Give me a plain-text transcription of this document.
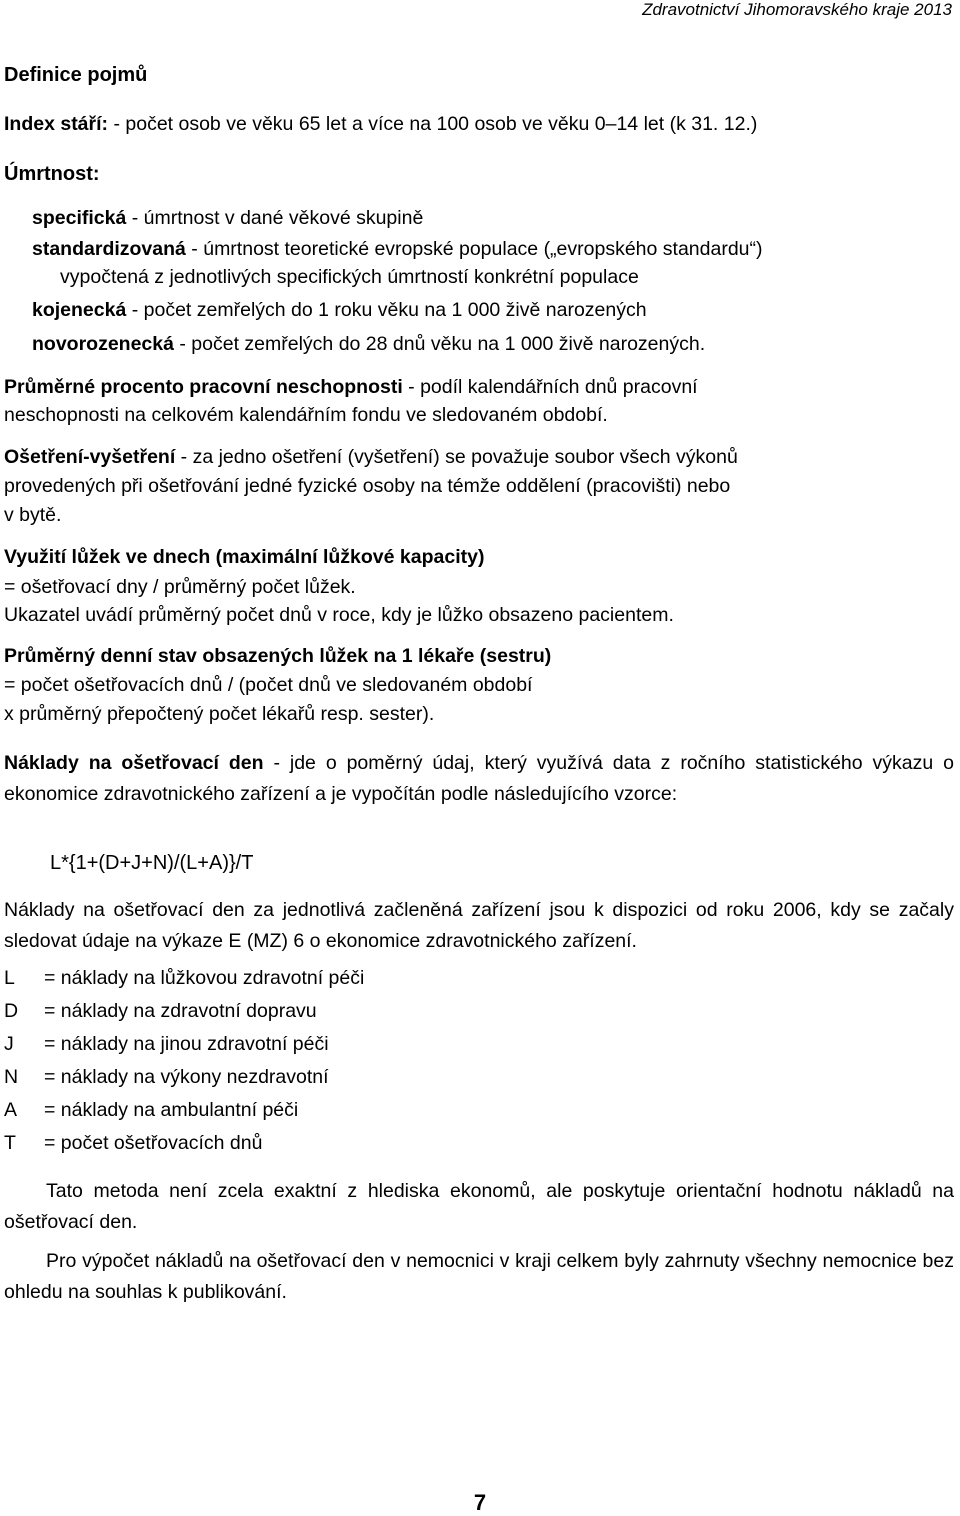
Zdravotnictví Jihomoravského kraje 2013
Definice pojmů
Index stáří: - počet osob ve věku 65 let a více na 100 osob ve věku 0–14 let (k 31. 12.)
Úmrtnost:
specifická - úmrtnost v dané věkové skupině
standardizovaná - úmrtnost teoretické evropské populace („evropského standardu“)
vypočtená z jednotlivých specifických úmrtností konkrétní populace
kojenecká - počet zemřelých do 1 roku věku na 1 000 živě narozených
novorozenecká - počet zemřelých do 28 dnů věku na 1 000 živě narozených.
Průměrné procento pracovní neschopnosti - podíl kalendářních dnů pracovní
neschopnosti na celkovém kalendářním fondu ve sledovaném období.
Ošetření-vyšetření - za jedno ošetření (vyšetření) se považuje soubor všech výkonů
provedených při ošetřování jedné fyzické osoby na témže oddělení (pracovišti) nebo
v bytě.
Využití lůžek ve dnech (maximální lůžkové kapacity)
= ošetřovací dny / průměrný počet lůžek.
Ukazatel uvádí průměrný počet dnů v roce, kdy je lůžko obsazeno pacientem.
Průměrný denní stav obsazených lůžek na 1 lékaře (sestru)
= počet ošetřovacích dnů / (počet dnů ve sledovaném období
x průměrný přepočtený počet lékařů resp. sester).
Náklady na ošetřovací den - jde o poměrný údaj, který využívá data z ročního statistického výkazu o ekonomice zdravotnického zařízení a je vypočítán podle následujícího vzorce:
L*{1+(D+J+N)/(L+A)}/T
Náklady na ošetřovací den za jednotlivá začleněná zařízení jsou k dispozici od roku 2006, kdy se začaly sledovat údaje na výkaze E (MZ) 6 o ekonomice zdravotnického zařízení.
L = náklady na lůžkovou zdravotní péči
D = náklady na zdravotní dopravu
J = náklady na jinou zdravotní péči
N = náklady na výkony nezdravotní
A = náklady na ambulantní péči
T = počet ošetřovacích dnů
Tato metoda není zcela exaktní z hlediska ekonomů, ale poskytuje orientační hodnotu nákladů na ošetřovací den.
Pro výpočet nákladů na ošetřovací den v nemocnici v kraji celkem byly zahrnuty všechny nemocnice bez ohledu na souhlas k publikování.
7
